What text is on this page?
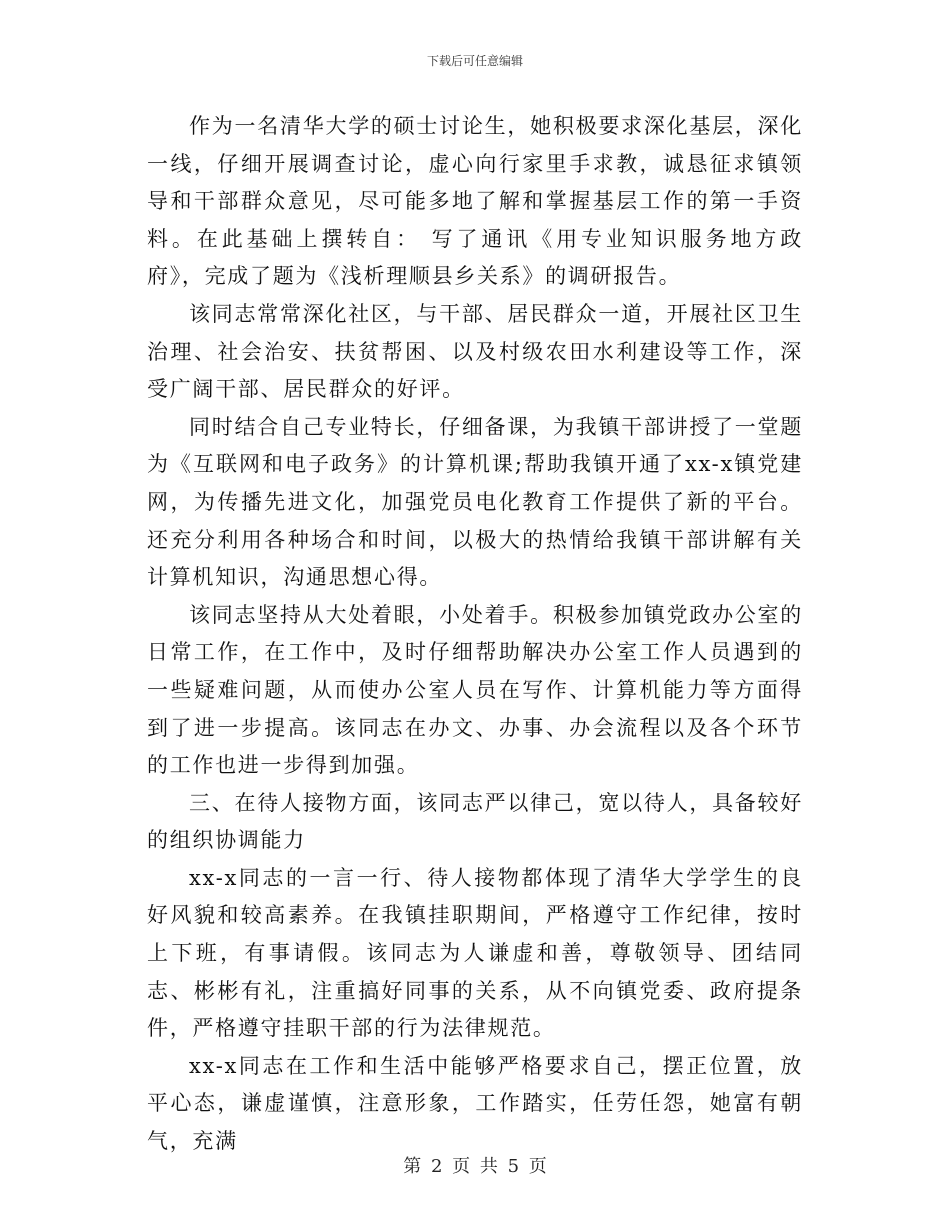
下载后可任意编辑

作为一名清华大学的硕士讨论生，她积极要求深化基层，深化一线，仔细开展调查讨论，虚心向行家里手求教，诚恳征求镇领导和干部群众意见，尽可能多地了解和掌握基层工作的第一手资料。在此基础上撰转自： 写了通讯《用专业知识服务地方政府》，完成了题为《浅析理顺县乡关系》的调研报告。

该同志常常深化社区，与干部、居民群众一道，开展社区卫生治理、社会治安、扶贫帮困、以及村级农田水利建设等工作，深受广阔干部、居民群众的好评。

同时结合自己专业特长，仔细备课，为我镇干部讲授了一堂题为《互联网和电子政务》的计算机课;帮助我镇开通了xx-x镇党建网，为传播先进文化，加强党员电化教育工作提供了新的平台。还充分利用各种场合和时间，以极大的热情给我镇干部讲解有关计算机知识，沟通思想心得。

该同志坚持从大处着眼，小处着手。积极参加镇党政办公室的日常工作，在工作中，及时仔细帮助解决办公室工作人员遇到的一些疑难问题，从而使办公室人员在写作、计算机能力等方面得到了进一步提高。该同志在办文、办事、办会流程以及各个环节的工作也进一步得到加强。

三、在待人接物方面，该同志严以律己，宽以待人，具备较好的组织协调能力

xx-x同志的一言一行、待人接物都体现了清华大学学生的良好风貌和较高素养。在我镇挂职期间，严格遵守工作纪律，按时上下班，有事请假。该同志为人谦虚和善，尊敬领导、团结同志、彬彬有礼，注重搞好同事的关系，从不向镇党委、政府提条件，严格遵守挂职干部的行为法律规范。

xx-x同志在工作和生活中能够严格要求自己，摆正位置，放平心态，谦虚谨慎，注意形象，工作踏实，任劳任怨，她富有朝气，充满

第 2 页 共 5 页
